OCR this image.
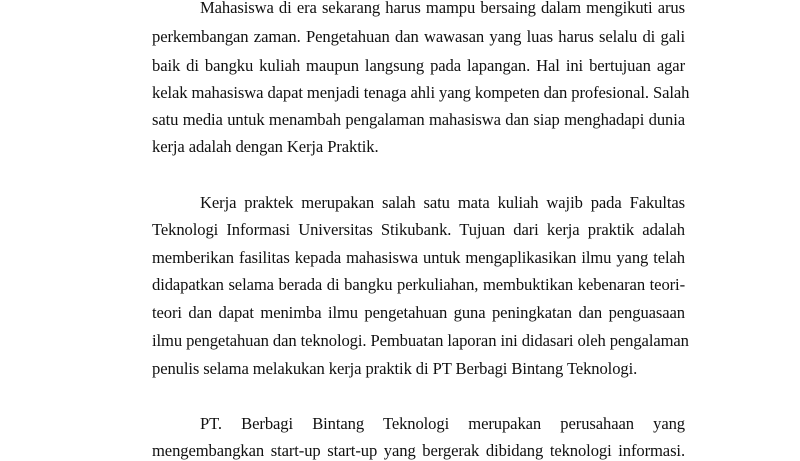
Mahasiswa di era sekarang harus mampu bersaing dalam mengikuti arus
perkembangan zaman. Pengetahuan dan wawasan yang luas harus selalu di gali
baik di bangku kuliah maupun langsung pada lapangan. Hal ini bertujuan agar
kelak mahasiswa dapat menjadi tenaga ahli yang kompeten dan profesional. Salah
satu media untuk menambah pengalaman mahasiswa dan siap menghadapi dunia
kerja adalah dengan Kerja Praktik.
Kerja praktek merupakan salah satu mata kuliah wajib pada Fakultas
Teknologi Informasi Universitas Stikubank. Tujuan dari kerja praktik adalah
memberikan fasilitas kepada mahasiswa untuk mengaplikasikan ilmu yang telah
didapatkan selama berada di bangku perkuliahan, membuktikan kebenaran teori-
teori dan dapat menimba ilmu pengetahuan guna peningkatan dan penguasaan
ilmu pengetahuan dan teknologi. Pembuatan laporan ini didasari oleh pengalaman
penulis selama melakukan kerja praktik di PT Berbagi Bintang Teknologi.
PT. Berbagi Bintang Teknologi merupakan perusahaan yang
mengembangkan start-up start-up yang bergerak dibidang teknologi informasi.
